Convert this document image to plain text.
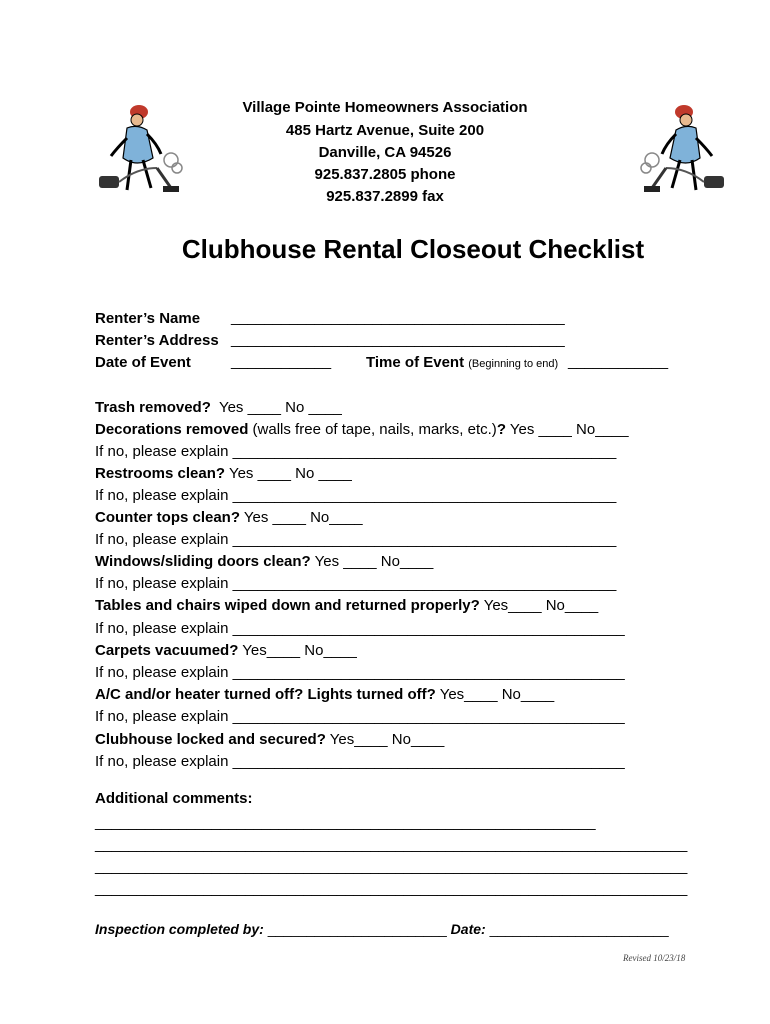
Village Pointe Homeowners Association
485 Hartz Avenue, Suite 200
Danville, CA 94526
925.837.2805 phone
925.837.2899 fax
Clubhouse Rental Closeout Checklist
Renter’s Name ________________________________________
Renter’s Address ________________________________________
Date of Event	____________ Time of Event (Beginning to end) ____________
Trash removed?  Yes ____ No ____
Decorations removed (walls free of tape, nails, marks, etc.)? Yes ____ No____
If no, please explain ______________________________________________
Restrooms clean? Yes ____ No ____
If no, please explain ______________________________________________
Counter tops clean? Yes ____ No____
If no, please explain ______________________________________________
Windows/sliding doors clean? Yes ____ No____
If no, please explain ______________________________________________
Tables and chairs wiped down and returned properly? Yes____ No____
If no, please explain _______________________________________________
Carpets vacuumed? Yes____ No____
If no, please explain _______________________________________________
A/C and/or heater turned off? Lights turned off? Yes____ No____
If no, please explain _______________________________________________
Clubhouse locked and secured? Yes____ No____
If no, please explain _______________________________________________
Additional comments:
____________________________________________________________
_______________________________________________________________________
_______________________________________________________________________
_______________________________________________________________________
Inspection completed by: _______________________ Date: _______________________
Revised 10/23/18
